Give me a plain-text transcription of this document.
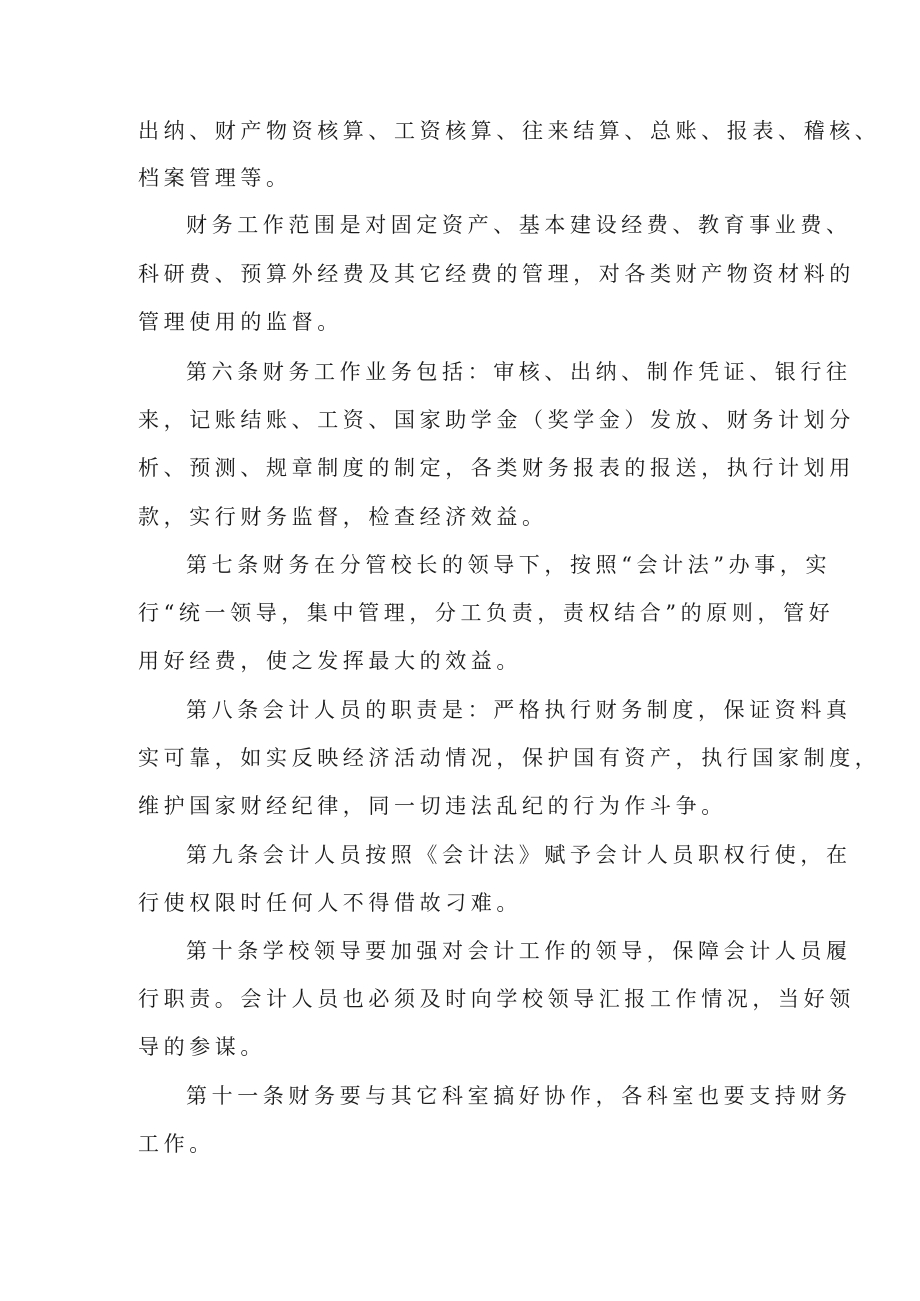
出纳、财产物资核算、工资核算、往来结算、总账、报表、稽核、
档案管理等。
财务工作范围是对固定资产、基本建设经费、教育事业费、
科研费、预算外经费及其它经费的管理，对各类财产物资材料的
管理使用的监督。
第六条财务工作业务包括：审核、出纳、制作凭证、银行往
来，记账结账、工资、国家助学金（奖学金）发放、财务计划分
析、预测、规章制度的制定，各类财务报表的报送，执行计划用
款，实行财务监督，检查经济效益。
第七条财务在分管校长的领导下，按照“会计法”办事，实
行“统一领导，集中管理，分工负责，责权结合”的原则，管好
用好经费，使之发挥最大的效益。
第八条会计人员的职责是：严格执行财务制度，保证资料真
实可靠，如实反映经济活动情况，保护国有资产，执行国家制度，
维护国家财经纪律，同一切违法乱纪的行为作斗争。
第九条会计人员按照《会计法》赋予会计人员职权行使，在
行使权限时任何人不得借故刁难。
第十条学校领导要加强对会计工作的领导，保障会计人员履
行职责。会计人员也必须及时向学校领导汇报工作情况，当好领
导的参谋。
第十一条财务要与其它科室搞好协作，各科室也要支持财务
工作。
